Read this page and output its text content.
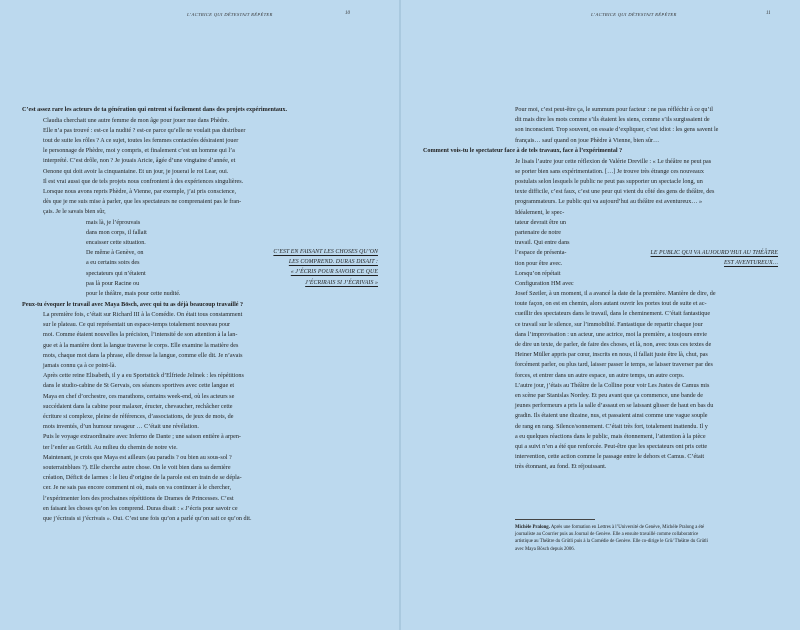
L’ACTRICE QUI DÉTESTAIT RÉPÉTER	10
C’est assez rare les acteurs de ta génération qui entrent si facilement dans des projets expérimentaux.
Claudia cherchait une autre femme de mon âge pour jouer nue dans Phèdre.
Elle n’a pas trouvé : est-ce la nudité ? est-ce parce qu’elle ne voulait pas distribuer
tout de suite les rôles ? A ce sujet, toutes les femmes contactées désiraient jouer
le personnage de Phèdre, moi y compris, et finalement c’est un homme qui l’a
interprété. C’est drôle, non ? Je jouais Aricie, âgée d’une vingtaine d’année, et
Oenone qui doit avoir la cinquantaine. Et un jour, je jouerai le roi Lear, oui.
Il est vrai aussi que de tels projets nous confrontent à des expériences singulières.
Lorsque nous avons repris Phèdre, à Vienne, par exemple, j’ai pris conscience,
dès que je me suis mise à parler, que les spectateurs ne comprenaient pas le fran-
çais. Je le savais bien sûr,
mais là, je l’éprouvais
dans mon corps, il fallait
encaisser cette situation.
De même à Genève, on
a eu certains soirs des
spectateurs qui n’étaient
pas là pour Racine ou
pour le théâtre, mais pour cette nudité.
C’EST EN FAISANT LES CHOSES QU’ON
LES COMPREND. DURAS DISAIT :
« J’ÉCRIS POUR SAVOIR CE QUE
J’ÉCRIRAIS SI J’ÉCRIVAIS »
Peux-tu évoquer le travail avec Maya Bösch, avec qui tu as déjà beaucoup travaillé ?
La première fois, c’était sur Richard III à la Comédie. On était tous constamment
sur le plateau. Ce qui représentait un espace-temps totalement nouveau pour
moi. Comme étaient nouvelles la précision, l’intensité de son attention à la lan-
gue et à la manière dont la langue traverse le corps. Elle examine la matière des
mots, chaque mot dans la phrase, elle dresse la langue, comme elle dit. Je n’avais
jamais connu ça à ce point-là.
Après cette reine Elisabeth, il y a eu Sportstück d’Elfriede Jelinek : les répétitions
dans le studio-cabine de St Gervais, ces séances sportives avec cette langue et
Maya en chef d’orchestre, ces marathons, certains week-end, où les acteurs se
succédaient dans la cabine pour malaxer, éructer, chevaucher, rechâcher cette
écriture si complexe, pleine de références, d’associations, de jeux de mots, de
mots inventés, d’un humour ravageur … C’était une révélation.
Puis le voyage extraordinaire avec Inferno de Dante ; une saison entière à arpen-
ter l’enfer au Grütli. Au milieu du chemin de notre vie.
Maintenant, je crois que Maya est ailleurs (au paradis ? ou bien au sous-sol ?
souterrainblues ?). Elle cherche autre chose. On le voit bien dans sa dernière
création, Déficit de larmes : le lieu d’origine de la parole est en train de se dépla-
cer. Je ne sais pas encore comment ni où, mais on va continuer à le chercher,
l’expérimenter lors des prochaines répétitions de Drames de Princesses. C’est
en faisant les choses qu’on les comprend. Duras disait : « J’écris pour savoir ce
que j’écrirais si j’écrivais ». Oui. C’est une fois qu’on a parlé qu’on sait ce qu’on dit.
L’ACTRICE QUI DÉTESTAIT RÉPÉTER	11
Pour moi, c’est peut-être ça, le summum pour facteur : ne pas réfléchir à ce qu’il
dit mais dire les mots comme s’ils étaient les siens, comme s’ils surgissaient de
son inconscient. Trop souvent, on essaie d’expliquer, c’est idiot : les gens savent le
français… sauf quand on joue Phèdre à Vienne, bien sûr…
Comment vois-tu le spectateur face à de tels travaux, face à l’expérimental ?
Je lisais l’autre jour cette réflexion de Valérie Dreville : « Le théâtre ne peut pas
se porter bien sans expérimentation. […] Je trouve très étrange ces nouveaux
postulats selon lesquels le public ne peut pas supporter un spectacle long, un
texte difficile, c’est faux, c’est une peur qui vient du côté des gens de théâtre, des
programmateurs. Le public qui va aujourd’hui au théâtre est aventureux… »
Idéalement, le spec-
tateur devrait être un
partenaire de notre
travail. Qui entre dans
l’espace de présenta-
tion pour être avec.
Lorsqu’on répétait
Configuration HM avec
LE PUBLIC QUI VA AUJOURD’HUI AU THÉÂTRE
EST AVENTUREUX…
Josef Szeiler, à un moment, il a avancé la date de la première. Manière de dire, de
toute façon, on est en chemin, alors autant ouvrir les portes tout de suite et ac-
cueillir des spectateurs dans le travail, dans le cheminement. C’était fantastique
ce travail sur le silence, sur l’immobilité. Fantastique de repartir chaque jour
dans l’improvisation : un acteur, une actrice, moi la première, a toujours envie
de dire un texte, de parler, de faire des choses, et là, non, avec tous ces textes de
Heiner Müller appris par cœur, inscrits en nous, il fallait juste être là, chut, pas
forcément parler, ou plus tard, laisser passer le temps, se laisser traverser par des
forces, et entrer dans un autre espace, un autre temps, un autre corps.
L’autre jour, j’étais au Théâtre de la Colline pour voir Les Justes de Camus mis
en scène par Stanislas Nordey. Et peu avant que ça commence, une bande de
jeunes performeurs a pris la salle d’assaut en se laissant glisser de haut en bas du
gradin. Ils étaient une dizaine, nus, et passaient ainsi comme une vague souple
de rang en rang. Silence/sonnement. C’était très fort, totalement inattendu. Il y
a eu quelques réactions dans le public, mais étonnement, l’attention à la pièce
qui a suivi n’en a été que renforcée. Peut-être que les spectateurs ont pris cette
intervention, cette action comme le passage entre le dehors et Camus. C’était
très étonnant, au fond. Et réjouissant.
Michèle Pralong. Après une formation en Lettres à l’Université de Genève, Michèle Pralong a été
journaliste au Courrier puis au Journal de Genève. Elle a ensuite travaillé comme collaboratrice
artistique au Théâtre du Grütli puis à la Comédie de Genève. Elle co-dirige le Grü/ Théâtre du Grütli
avec Maya Bösch depuis 2006.
